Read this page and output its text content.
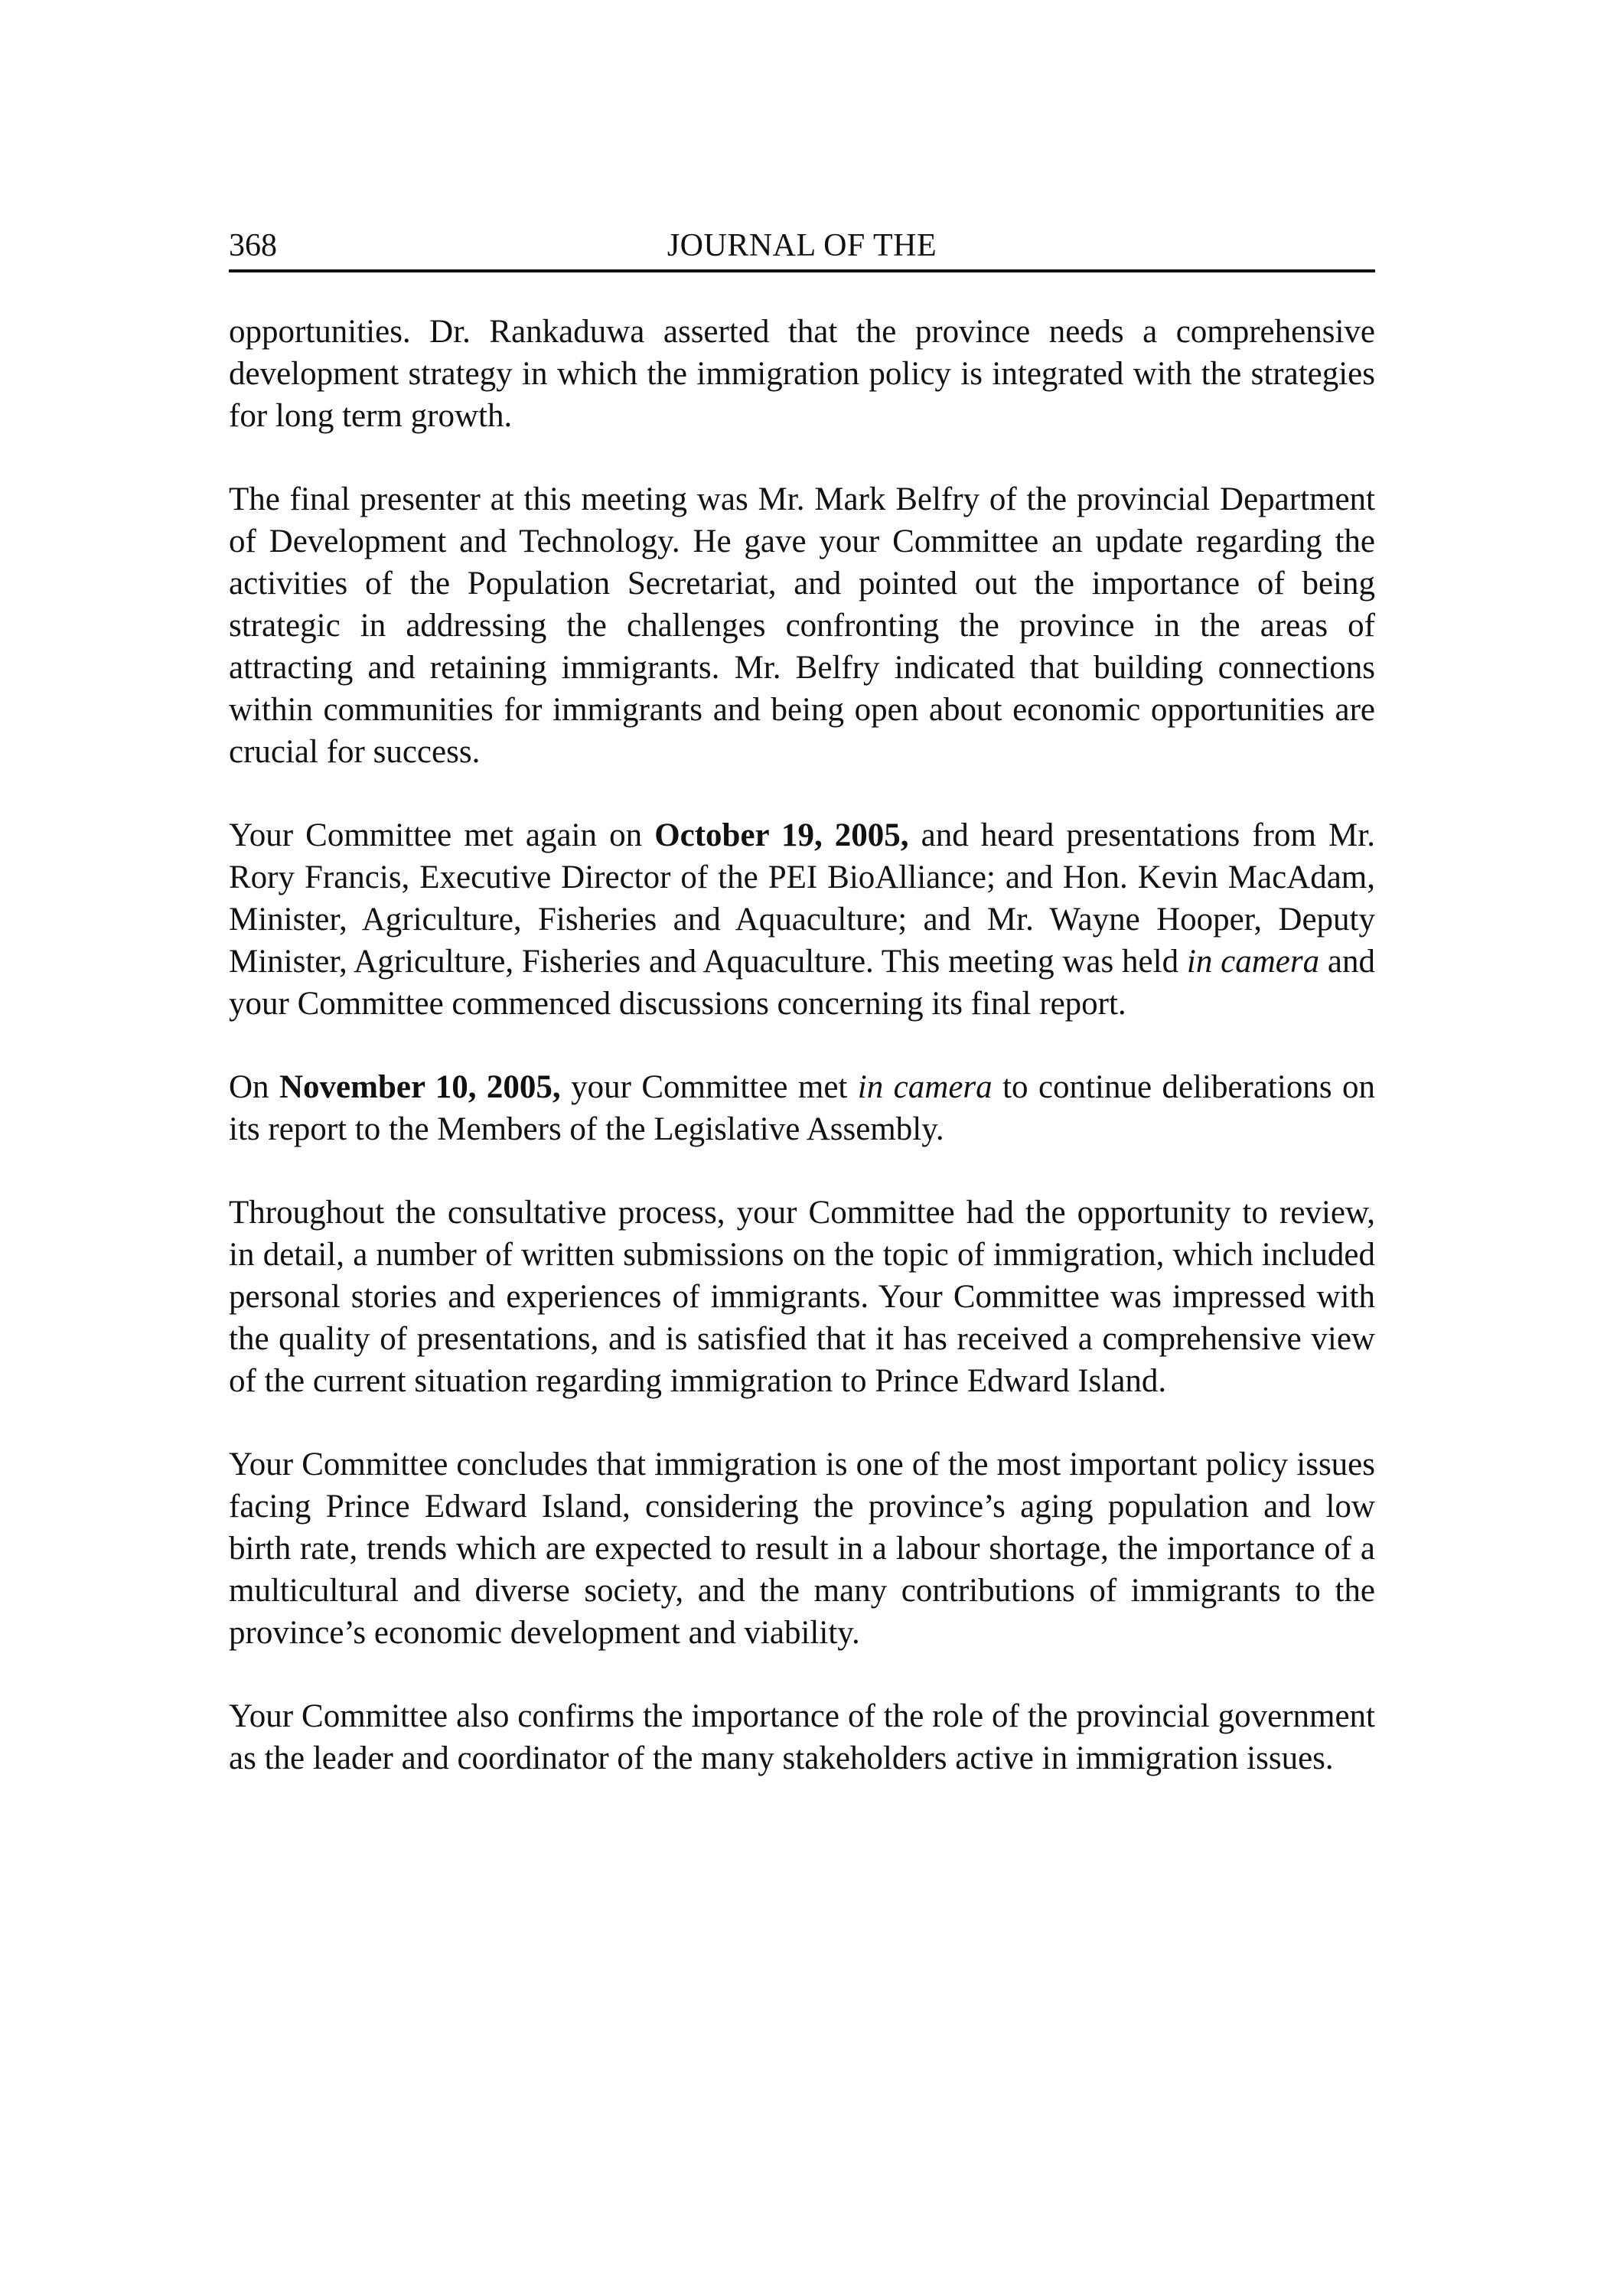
368	JOURNAL OF THE

opportunities. Dr. Rankaduwa asserted that the province needs a comprehensive development strategy in which the immigration policy is integrated with the strategies for long term growth.

The final presenter at this meeting was Mr. Mark Belfry of the provincial Department of Development and Technology. He gave your Committee an update regarding the activities of the Population Secretariat, and pointed out the importance of being strategic in addressing the challenges confronting the province in the areas of attracting and retaining immigrants. Mr. Belfry indicated that building connections within communities for immigrants and being open about economic opportunities are crucial for success.

Your Committee met again on October 19, 2005, and heard presentations from Mr. Rory Francis, Executive Director of the PEI BioAlliance; and Hon. Kevin MacAdam, Minister, Agriculture, Fisheries and Aquaculture; and Mr. Wayne Hooper, Deputy Minister, Agriculture, Fisheries and Aquaculture. This meeting was held in camera and your Committee commenced discussions concerning its final report.

On November 10, 2005, your Committee met in camera to continue deliberations on its report to the Members of the Legislative Assembly.

Throughout the consultative process, your Committee had the opportunity to review, in detail, a number of written submissions on the topic of immigration, which included personal stories and experiences of immigrants. Your Committee was impressed with the quality of presentations, and is satisfied that it has received a comprehensive view of the current situation regarding immigration to Prince Edward Island.

Your Committee concludes that immigration is one of the most important policy issues facing Prince Edward Island, considering the province’s aging population and low birth rate, trends which are expected to result in a labour shortage, the importance of a multicultural and diverse society, and the many contributions of immigrants to the province’s economic development and viability.

Your Committee also confirms the importance of the role of the provincial government as the leader and coordinator of the many stakeholders active in immigration issues.
